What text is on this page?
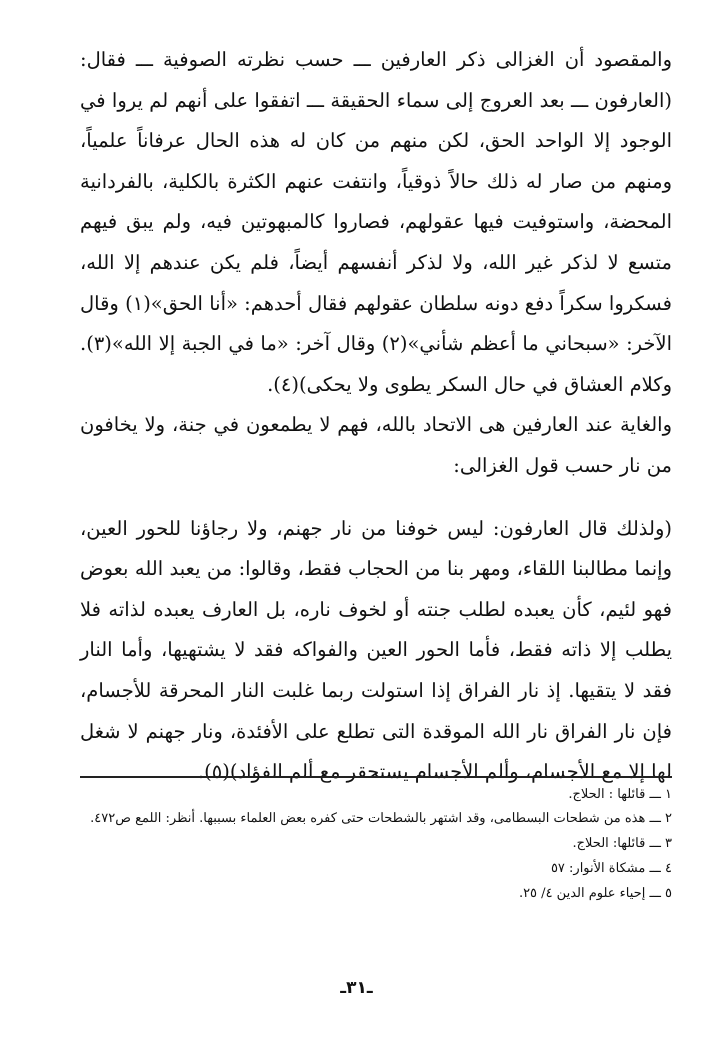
والمقصود أن الغزالى ذكر العارفين ـــ حسب نظرته الصوفية ـــ فقال: (العارفون ـــ بعد العروج إلى سماء الحقيقة ـــ اتفقوا على أنهم لم يروا في الوجود إلا الواحد الحق، لكن منهم من كان له هذه الحال عرفاناً علمياً، ومنهم من صار له ذلك حالاً ذوقياً، وانتفت عنهم الكثرة بالكلية، بالفردانية المحضة، واستوفيت فيها عقولهم، فصاروا كالمبهوتين فيه، ولم يبق فيهم متسع لا لذكر غير الله، ولا لذكر أنفسهم أيضاً، فلم يكن عندهم إلا الله، فسكروا سكراً دفع دونه سلطان عقولهم فقال أحدهم: «أنا الحق»(١) وقال الآخر: «سبحاني ما أعظم شأني»(٢) وقال آخر: «ما في الجبة إلا الله»(٣). وكلام العشاق في حال السكر يطوى ولا يحكى)(٤).

والغاية عند العارفين هى الاتحاد بالله، فهم لا يطمعون في جنة، ولا يخافون من نار حسب قول الغزالى:

(ولذلك قال العارفون: ليس خوفنا من نار جهنم، ولا رجاؤنا للحور العين، وإنما مطالبنا اللقاء، ومهر بنا من الحجاب فقط، وقالوا: من يعبد الله بعوض فهو لئيم، كأن يعبده لطلب جنته أو لخوف ناره، بل العارف يعبده لذاته فلا يطلب إلا ذاته فقط، فأما الحور العين والفواكه فقد لا يشتهيها، وأما النار فقد لا يتقيها. إذ نار الفراق إذا استولت ربما غلبت النار المحرقة للأجسام، فإن نار الفراق نار الله الموقدة التى تطلع على الأفئدة، ونار جهنم لا شغل لها إلا مع الأجسام، وألم الأجسام يستحقر مع ألم الفؤاد)(٥).

١ ـــ قائلها : الحلاج.

٢ ـــ هذه من شطحات البسطامى، وقد اشتهر بالشطحات حتى كفره بعض العلماء بسببها. أنظر: اللمع ص٤٧٢.

٣ ـــ قائلها: الحلاج.

٤ ـــ مشكاة الأنوار: ٥٧

٥ ـــ إحياء علوم الدين ٤/ ٢٥.

ـ٣١ـ
